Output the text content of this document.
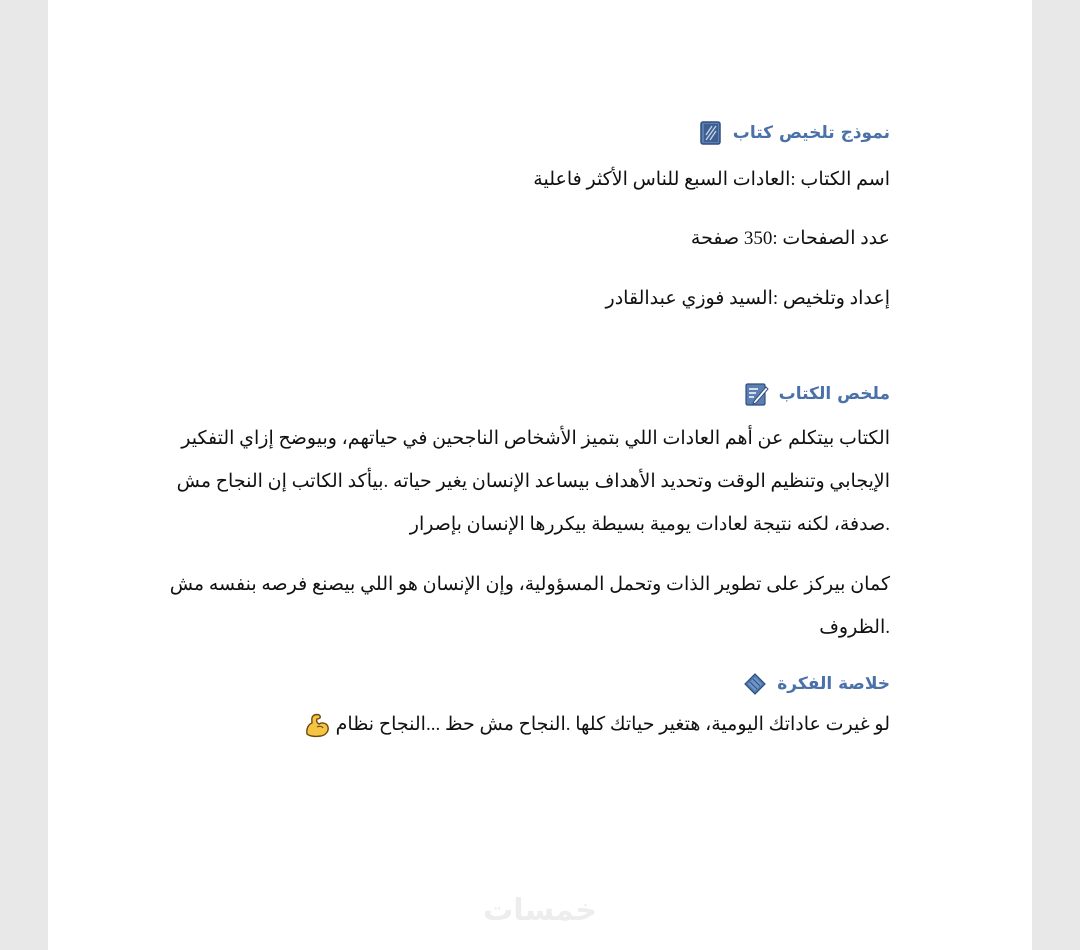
نموذج تلخيص كتاب
اسم الكتاب :العادات السبع للناس الأكثر فاعلية
عدد الصفحات :350 صفحة
إعداد وتلخيص :السيد فوزي عبدالقادر
ملخص الكتاب
الكتاب بيتكلم عن أهم العادات اللي بتميز الأشخاص الناجحين في حياتهم، وبيوضح إزاي التفكير
الإيجابي وتنظيم الوقت وتحديد الأهداف بيساعد الإنسان يغير حياته .بيأكد الكاتب إن النجاح مش
.صدفة، لكنه نتيجة لعادات يومية بسيطة بيكررها الإنسان بإصرار
كمان بيركز على تطوير الذات وتحمل المسؤولية، وإن الإنسان هو اللي بيصنع فرصه بنفسه مش
.الظروف
خلاصة الفكرة
لو غيرت عاداتك اليومية، هتغير حياتك كلها .النجاح مش حظ ...النجاح نظام
خمسات
